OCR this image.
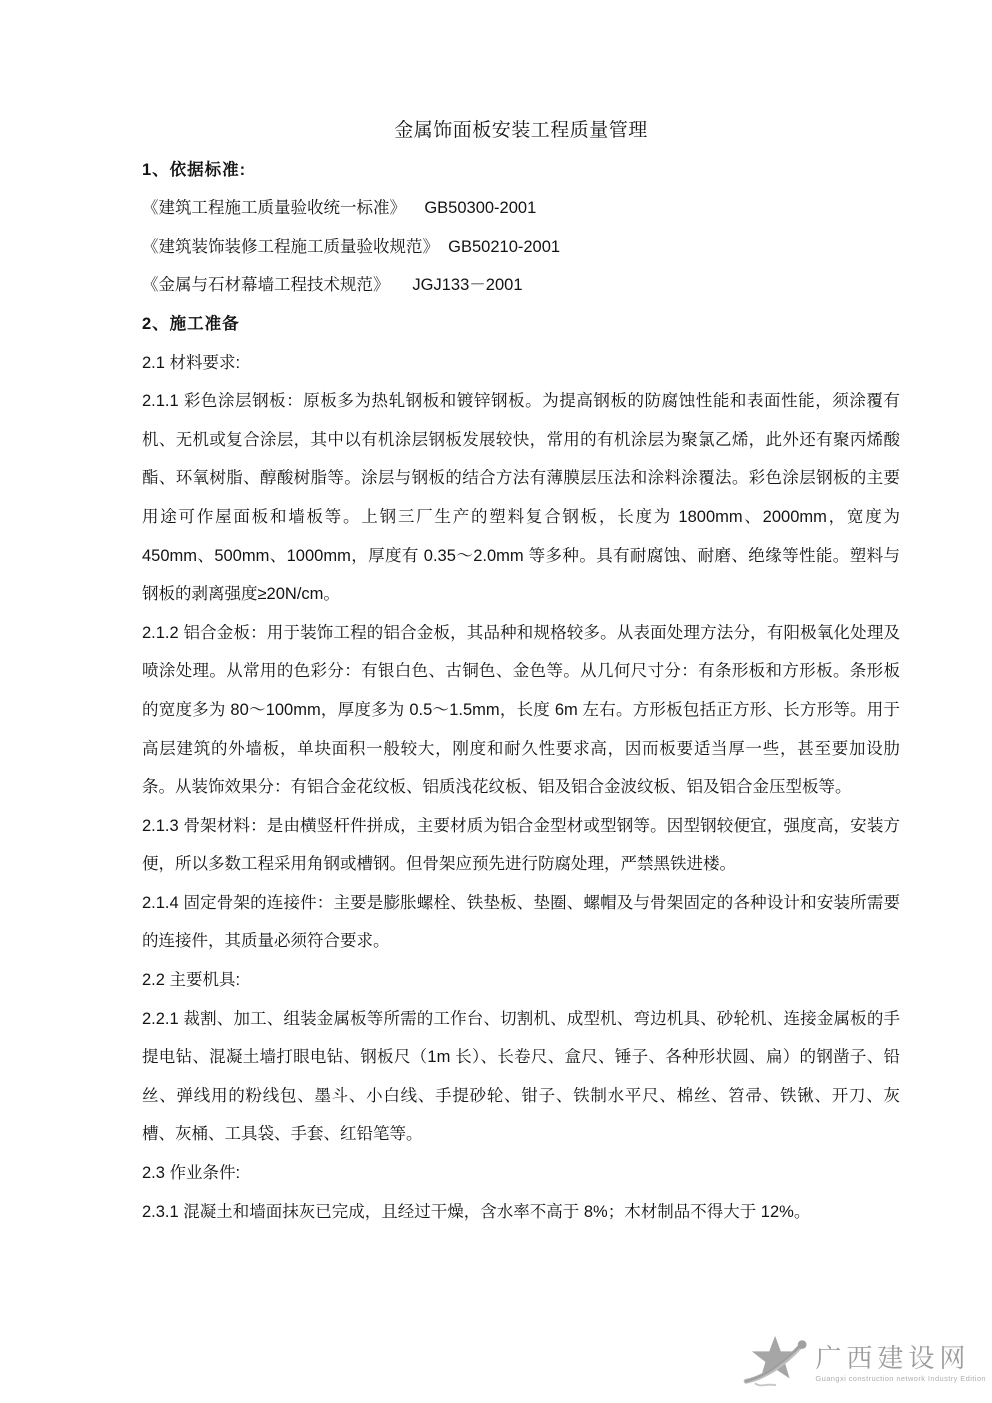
金属饰面板安装工程质量管理

1、依据标准:

《建筑工程施工质量验收统一标准》    GB50300-2001

《建筑装饰装修工程施工质量验收规范》  GB50210-2001

《金属与石材幕墙工程技术规范》     JGJ133－2001

2、施工准备

2.1 材料要求:

2.1.1 彩色涂层钢板：原板多为热轧钢板和镀锌钢板。为提高钢板的防腐蚀性能和表面性能，须涂覆有机、无机或复合涂层，其中以有机涂层钢板发展较快，常用的有机涂层为聚氯乙烯，此外还有聚丙烯酸酯、环氧树脂、醇酸树脂等。涂层与钢板的结合方法有薄膜层压法和涂料涂覆法。彩色涂层钢板的主要用途可作屋面板和墙板等。上钢三厂生产的塑料复合钢板，长度为 1800mm、2000mm，宽度为 450mm、500mm、1000mm，厚度有 0.35～2.0mm 等多种。具有耐腐蚀、耐磨、绝缘等性能。塑料与钢板的剥离强度≥20N/cm。

2.1.2 铝合金板：用于装饰工程的铝合金板，其品种和规格较多。从表面处理方法分，有阳极氧化处理及喷涂处理。从常用的色彩分：有银白色、古铜色、金色等。从几何尺寸分：有条形板和方形板。条形板的宽度多为 80～100mm，厚度多为 0.5～1.5mm，长度 6m 左右。方形板包括正方形、长方形等。用于高层建筑的外墙板，单块面积一般较大，刚度和耐久性要求高，因而板要适当厚一些，甚至要加设肋条。从装饰效果分：有铝合金花纹板、铝质浅花纹板、铝及铝合金波纹板、铝及铝合金压型板等。

2.1.3 骨架材料：是由横竖杆件拼成，主要材质为铝合金型材或型钢等。因型钢较便宜，强度高，安装方便，所以多数工程采用角钢或槽钢。但骨架应预先进行防腐处理，严禁黑铁进楼。

2.1.4 固定骨架的连接件：主要是膨胀螺栓、铁垫板、垫圈、螺帽及与骨架固定的各种设计和安装所需要的连接件，其质量必须符合要求。

2.2 主要机具:

2.2.1 裁割、加工、组装金属板等所需的工作台、切割机、成型机、弯边机具、砂轮机、连接金属板的手提电钻、混凝土墙打眼电钻、钢板尺（1m 长）、长卷尺、盒尺、锤子、各种形状圆、扁）的钢凿子、铅丝、弹线用的粉线包、墨斗、小白线、手提砂轮、钳子、铁制水平尺、棉丝、笤帚、铁锹、开刀、灰槽、灰桶、工具袋、手套、红铅笔等。

2.3 作业条件:

2.3.1 混凝土和墙面抹灰已完成，且经过干燥，含水率不高于 8%；木材制品不得大于 12%。

广西建设网
Guangxi construction network Industry Edition
